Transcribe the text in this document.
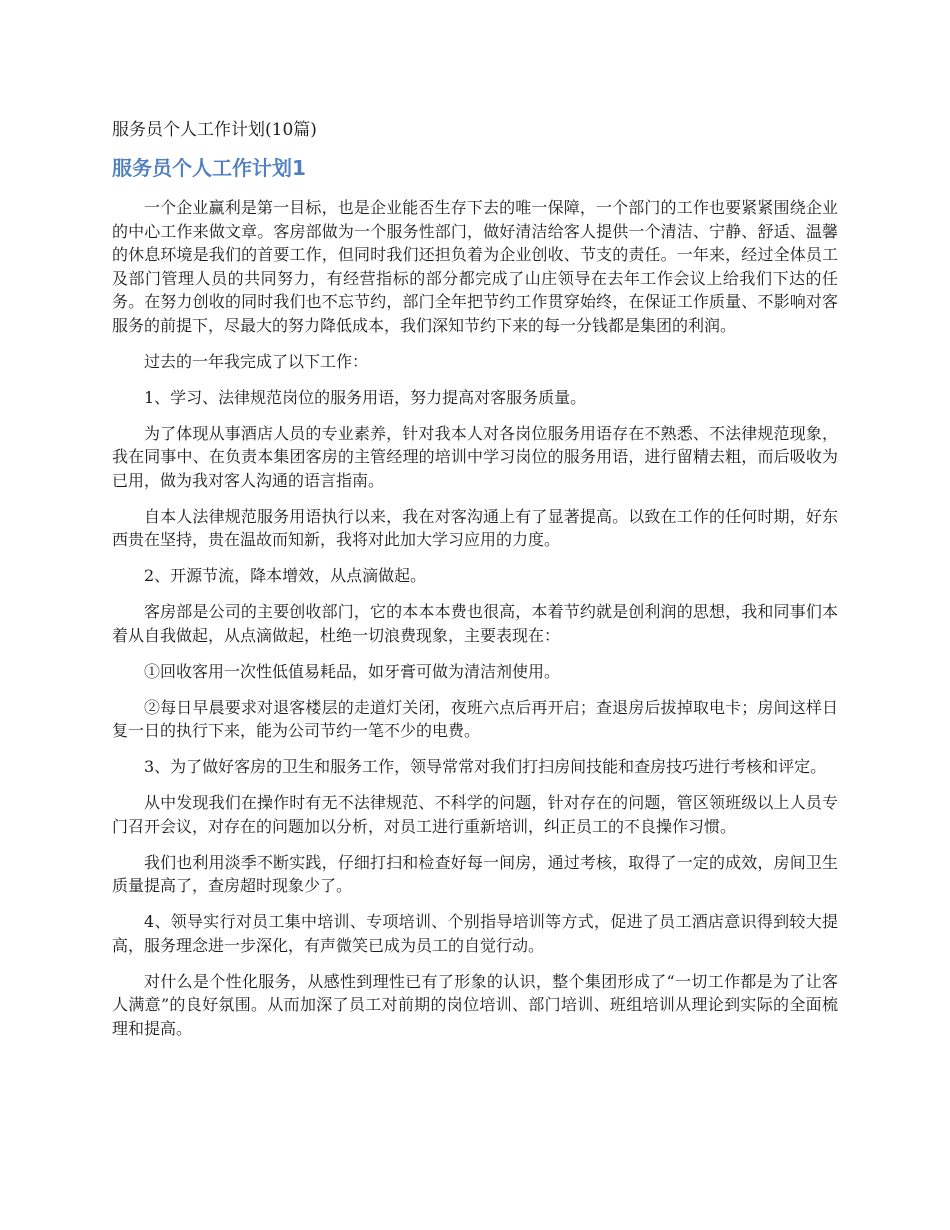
服务员个人工作计划(10篇)
服务员个人工作计划1

一个企业赢利是第一目标，也是企业能否生存下去的唯一保障，一个部门的工作也要紧紧围绕企业的中心工作来做文章。客房部做为一个服务性部门，做好清洁给客人提供一个清洁、宁静、舒适、温馨的休息环境是我们的首要工作，但同时我们还担负着为企业创收、节支的责任。一年来，经过全体员工及部门管理人员的共同努力，有经营指标的部分都完成了山庄领导在去年工作会议上给我们下达的任务。在努力创收的同时我们也不忘节约，部门全年把节约工作贯穿始终，在保证工作质量、不影响对客服务的前提下，尽最大的努力降低成本，我们深知节约下来的每一分钱都是集团的利润。

过去的一年我完成了以下工作：

1、学习、法律规范岗位的服务用语，努力提高对客服务质量。

为了体现从事酒店人员的专业素养，针对我本人对各岗位服务用语存在不熟悉、不法律规范现象，我在同事中、在负责本集团客房的主管经理的培训中学习岗位的服务用语，进行留精去粗，而后吸收为已用，做为我对客人沟通的语言指南。

自本人法律规范服务用语执行以来，我在对客沟通上有了显著提高。以致在工作的任何时期，好东西贵在坚持，贵在温故而知新，我将对此加大学习应用的力度。

2、开源节流，降本增效，从点滴做起。

客房部是公司的主要创收部门，它的本本本费也很高，本着节约就是创利润的思想，我和同事们本着从自我做起，从点滴做起，杜绝一切浪费现象，主要表现在：

①回收客用一次性低值易耗品，如牙膏可做为清洁剂使用。

②每日早晨要求对退客楼层的走道灯关闭，夜班六点后再开启；查退房后拔掉取电卡；房间这样日复一日的执行下来，能为公司节约一笔不少的电费。

3、为了做好客房的卫生和服务工作，领导常常对我们打扫房间技能和查房技巧进行考核和评定。

从中发现我们在操作时有无不法律规范、不科学的问题，针对存在的问题，管区领班级以上人员专门召开会议，对存在的问题加以分析，对员工进行重新培训，纠正员工的不良操作习惯。

我们也利用淡季不断实践，仔细打扫和检查好每一间房，通过考核，取得了一定的成效，房间卫生质量提高了，查房超时现象少了。

4、领导实行对员工集中培训、专项培训、个别指导培训等方式，促进了员工酒店意识得到较大提高，服务理念进一步深化，有声微笑已成为员工的自觉行动。

对什么是个性化服务，从感性到理性已有了形象的认识，整个集团形成了“一切工作都是为了让客人满意”的良好氛围。从而加深了员工对前期的岗位培训、部门培训、班组培训从理论到实际的全面梳理和提高。
